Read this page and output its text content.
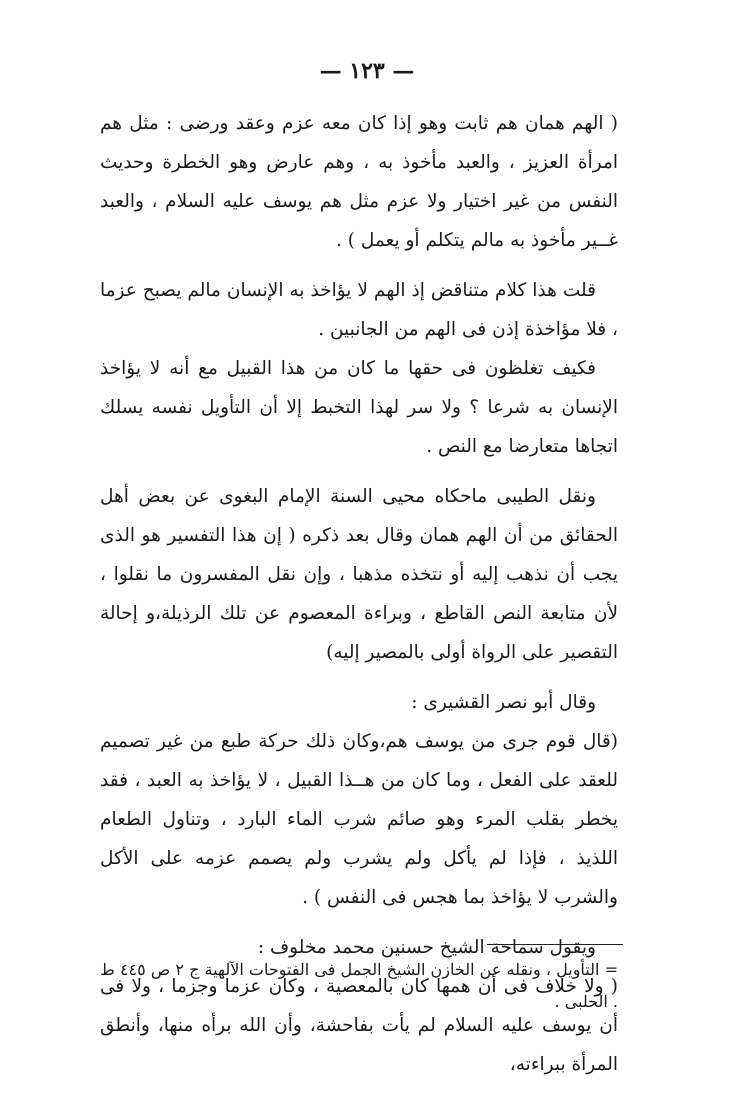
— ١٢٣ —

( الهم همان هم ثابت وهو إذا كان معه عزم وعقد ورضى : مثل هم امرأة العزيز ، والعبد مأخوذ به ، وهم عارض وهو الخطرة وحديث النفس من غير اختيار ولا عزم مثل هم يوسف عليه السلام ، والعبد غــير مأخوذ به مالم يتكلم أو يعمل ) .

قلت هذا كلام متناقض إذ الهم لا يؤاخذ به الإنسان مالم يصبح عزما ، فلا مؤاخذة إذن فى الهم من الجانبين .

فكيف تغلظون فى حقها ما كان من هذا القبيل مع أنه لا يؤاخذ الإنسان به شرعا ؟ ولا سر لهذا التخبط إلا أن التأويل نفسه يسلك اتجاها متعارضا مع النص .

ونقل الطيبى ماحكاه محيى السنة الإمام البغوى عن بعض أهل الحقائق من أن الهم همان وقال بعد ذكره ( إن هذا التفسير هو الذى يجب أن نذهب إليه أو نتخذه مذهبا ، وإن نقل المفسرون ما نقلوا ، لأن متابعة النص القاطع ، وبراءة المعصوم عن تلك الرذيلة،و إحالة التقصير على الرواة أولى بالمصير إليه)

وقال أبو نصر القشيرى :

(قال قوم جرى من يوسف هم،وكان ذلك حركة طبع من غير تصميم للعقد على الفعل ، وما كان من هــذا القبيل ، لا يؤاخذ به العبد ، فقد يخطر بقلب المرء وهو صائم شرب الماء البارد ، وتناول الطعام اللذيذ ، فإذا لم يأكل ولم يشرب ولم يصمم عزمه على الأكل والشرب لا يؤاخذ بما هجس فى النفس ) .

ويقول سماحة الشيخ حسنين محمد مخلوف :

( ولا خلاف فى أن همها كان بالمعصية ، وكان عزما وجزما ، ولا فى أن يوسف عليه السلام لم يأت بفاحشة، وأن الله برأه منها، وأنطق المرأة ببراءته،

= التأويل ، ونقله عن الخازن الشيخ الجمل فى الفتوحات الآلهية ج ٢ ص ٤٤٥ ط . الحلبى .
